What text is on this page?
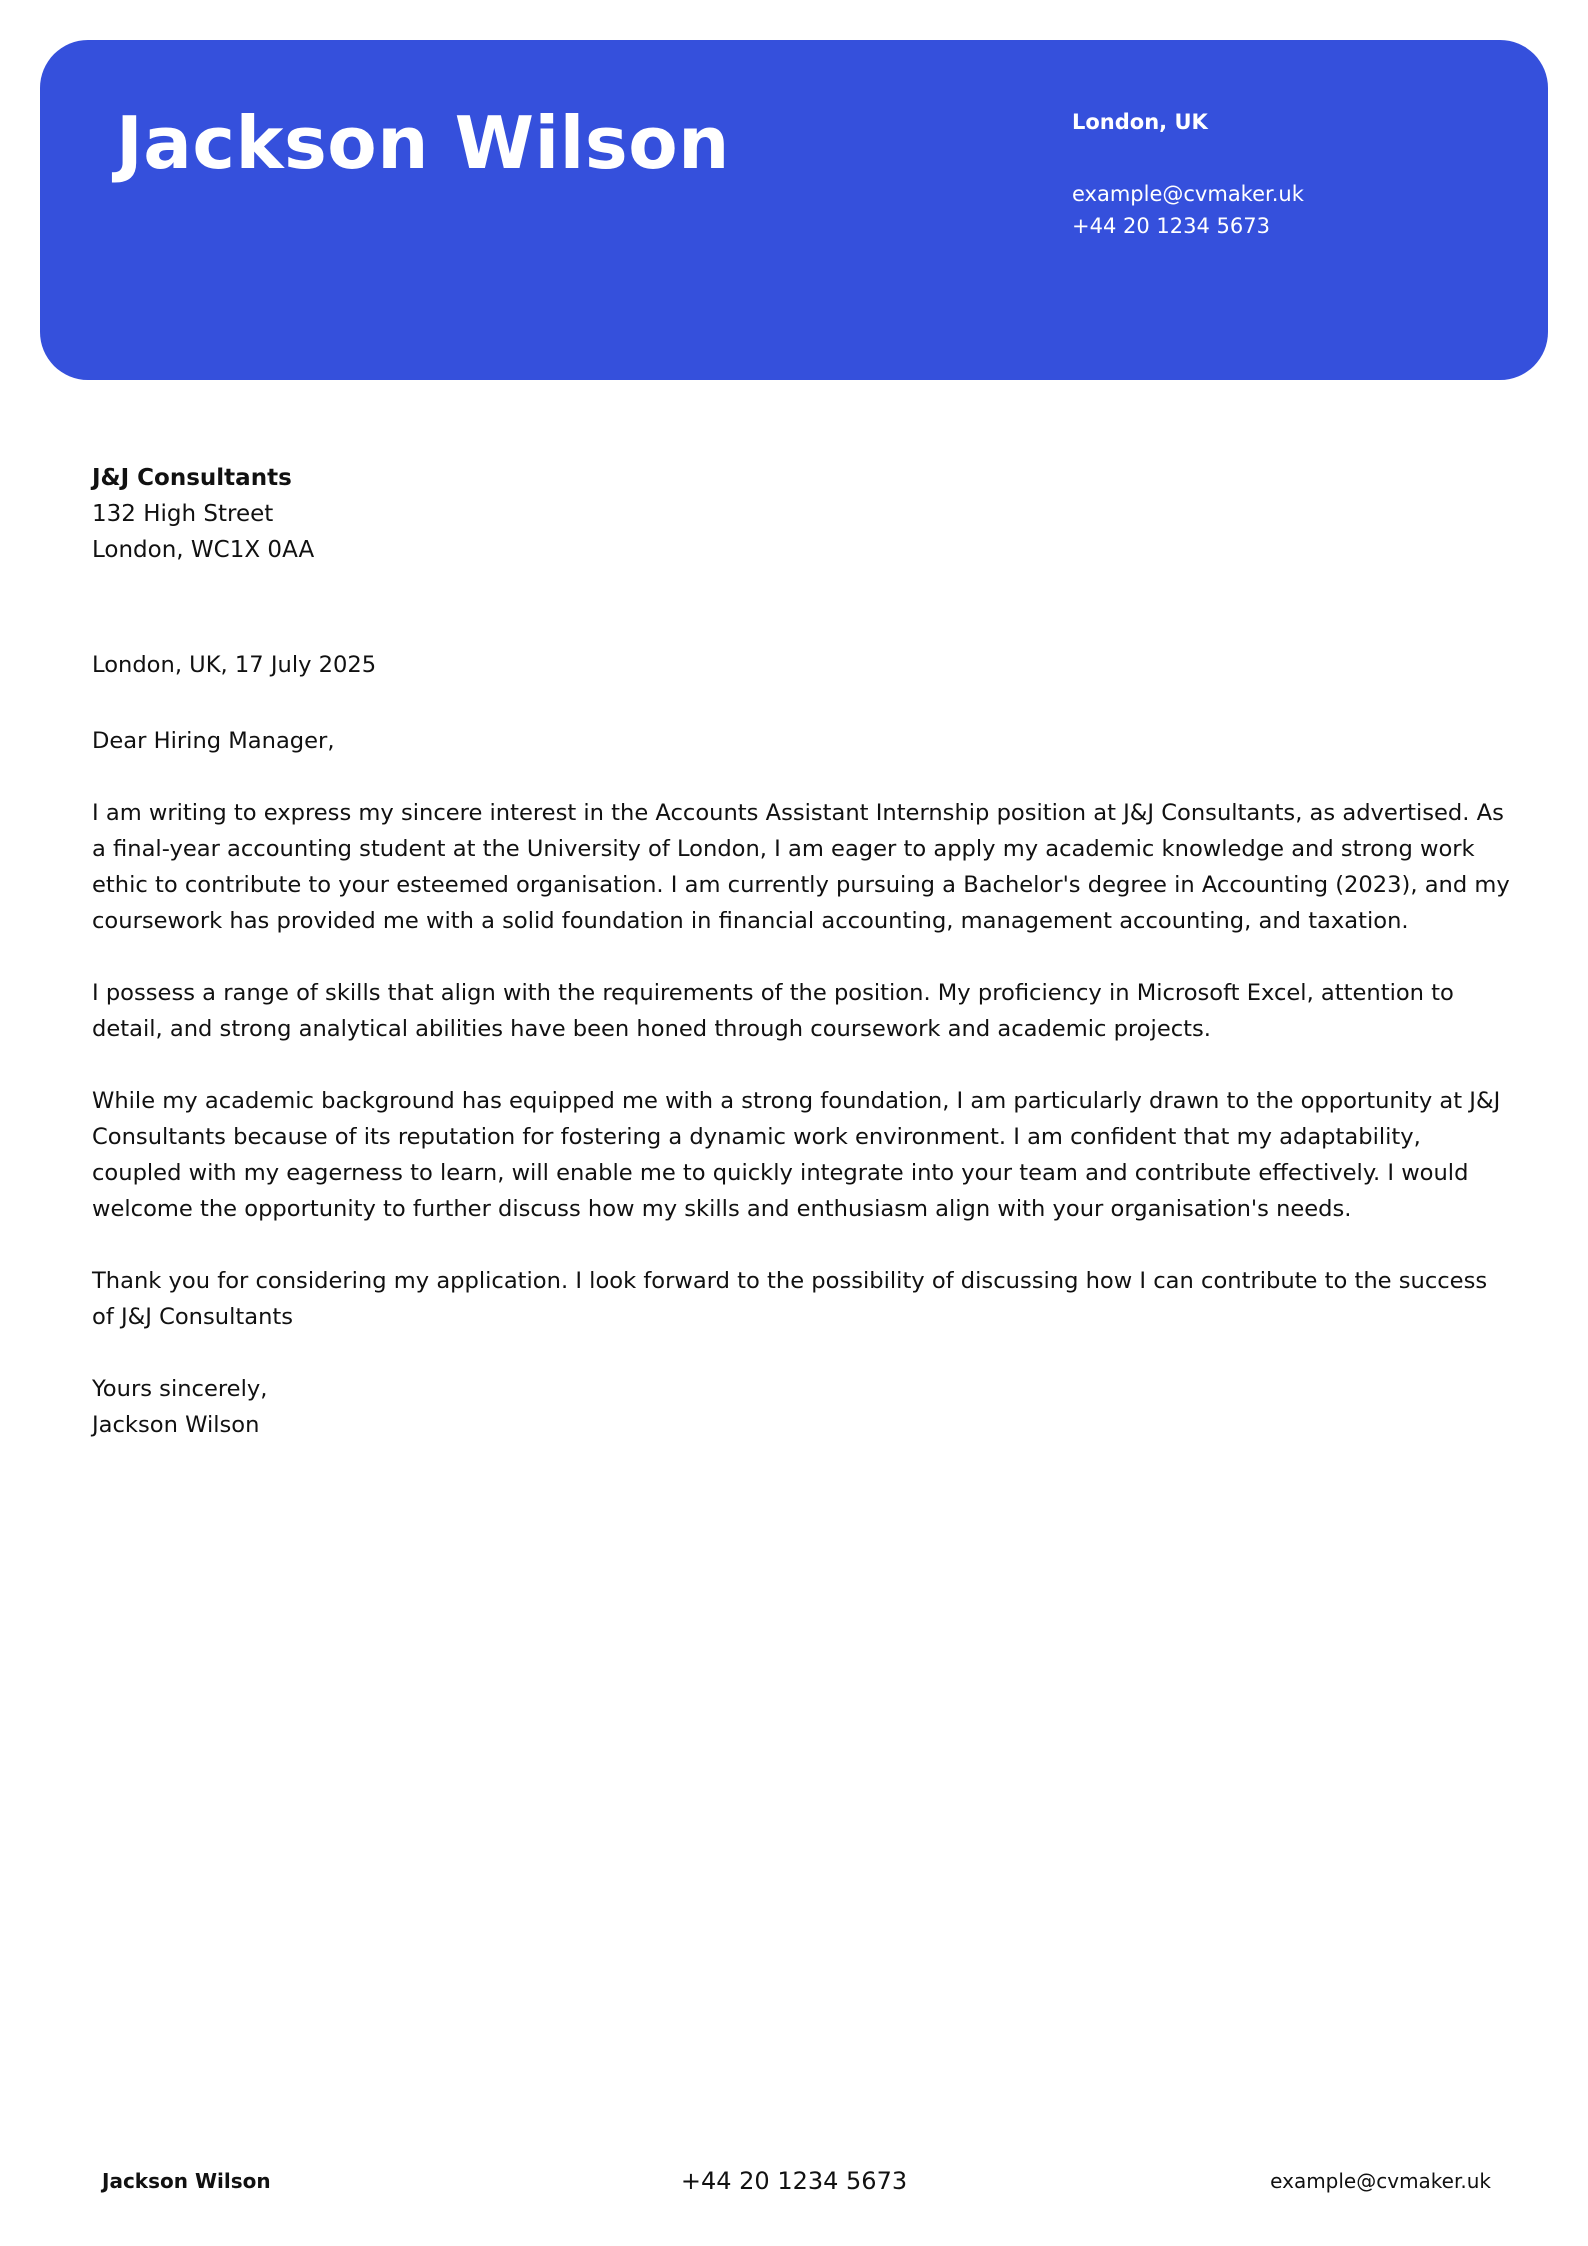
Jackson Wilson	London, UK
example@cvmaker.uk
+44 20 1234 5673
J&J Consultants
132 High Street
London, WC1X 0AA

London, UK, 17 July 2025

Dear Hiring Manager,

I am writing to express my sincere interest in the Accounts Assistant Internship position at J&J Consultants, as advertised. As a final-year accounting student at the University of London, I am eager to apply my academic knowledge and strong work ethic to contribute to your esteemed organisation. I am currently pursuing a Bachelor's degree in Accounting (2023), and my coursework has provided me with a solid foundation in financial accounting, management accounting, and taxation.

I possess a range of skills that align with the requirements of the position. My proficiency in Microsoft Excel, attention to detail, and strong analytical abilities have been honed through coursework and academic projects.

While my academic background has equipped me with a strong foundation, I am particularly drawn to the opportunity at J&J Consultants because of its reputation for fostering a dynamic work environment. I am confident that my adaptability, coupled with my eagerness to learn, will enable me to quickly integrate into your team and contribute effectively. I would welcome the opportunity to further discuss how my skills and enthusiasm align with your organisation's needs.

Thank you for considering my application. I look forward to the possibility of discussing how I can contribute to the success of J&J Consultants

Yours sincerely,

Jackson Wilson

Jackson Wilson	+44 20 1234 5673	example@cvmaker.uk
